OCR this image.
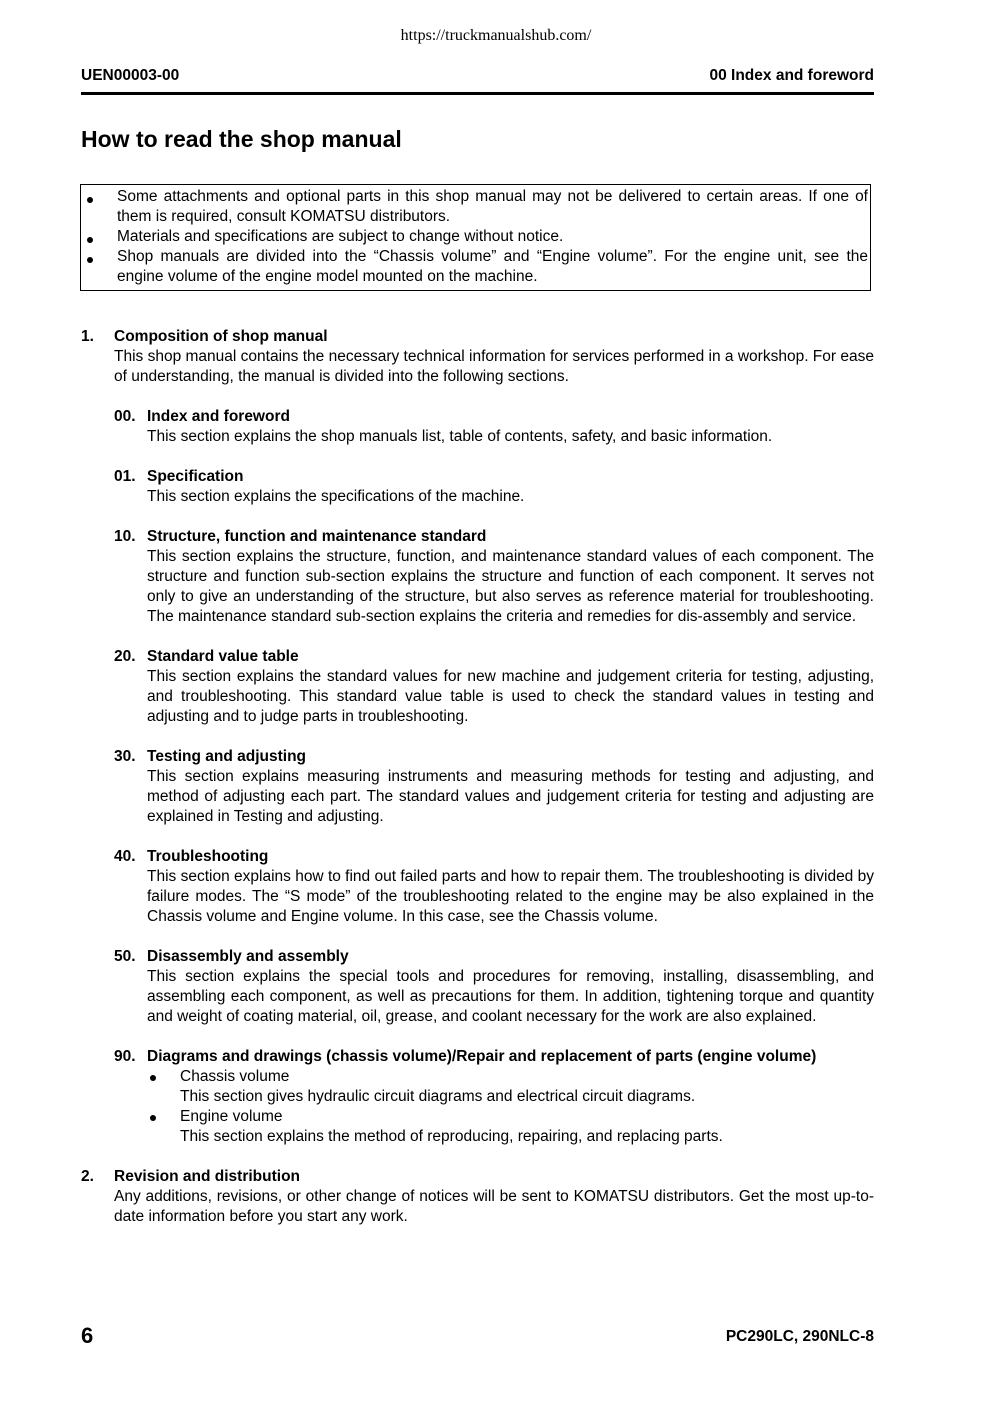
https://truckmanualshub.com/
UEN00003-00	00 Index and foreword
How to read the shop manual
Some attachments and optional parts in this shop manual may not be delivered to certain areas. If one of them is required, consult KOMATSU distributors.
Materials and specifications are subject to change without notice.
Shop manuals are divided into the “Chassis volume” and “Engine volume”. For the engine unit, see the engine volume of the engine model mounted on the machine.
1. Composition of shop manual
This shop manual contains the necessary technical information for services performed in a workshop. For ease of understanding, the manual is divided into the following sections.
00. Index and foreword
This section explains the shop manuals list, table of contents, safety, and basic information.
01. Specification
This section explains the specifications of the machine.
10. Structure, function and maintenance standard
This section explains the structure, function, and maintenance standard values of each component. The structure and function sub-section explains the structure and function of each component. It serves not only to give an understanding of the structure, but also serves as reference material for troubleshooting. The maintenance standard sub-section explains the criteria and remedies for dis-assembly and service.
20. Standard value table
This section explains the standard values for new machine and judgement criteria for testing, adjusting, and troubleshooting. This standard value table is used to check the standard values in testing and adjusting and to judge parts in troubleshooting.
30. Testing and adjusting
This section explains measuring instruments and measuring methods for testing and adjusting, and method of adjusting each part. The standard values and judgement criteria for testing and adjusting are explained in Testing and adjusting.
40. Troubleshooting
This section explains how to find out failed parts and how to repair them. The troubleshooting is divided by failure modes. The “S mode” of the troubleshooting related to the engine may be also explained in the Chassis volume and Engine volume. In this case, see the Chassis volume.
50. Disassembly and assembly
This section explains the special tools and procedures for removing, installing, disassembling, and assembling each component, as well as precautions for them. In addition, tightening torque and quantity and weight of coating material, oil, grease, and coolant necessary for the work are also explained.
90. Diagrams and drawings (chassis volume)/Repair and replacement of parts (engine volume)
Chassis volume
This section gives hydraulic circuit diagrams and electrical circuit diagrams.
Engine volume
This section explains the method of reproducing, repairing, and replacing parts.
2. Revision and distribution
Any additions, revisions, or other change of notices will be sent to KOMATSU distributors. Get the most up-to-date information before you start any work.
6	PC290LC, 290NLC-8
